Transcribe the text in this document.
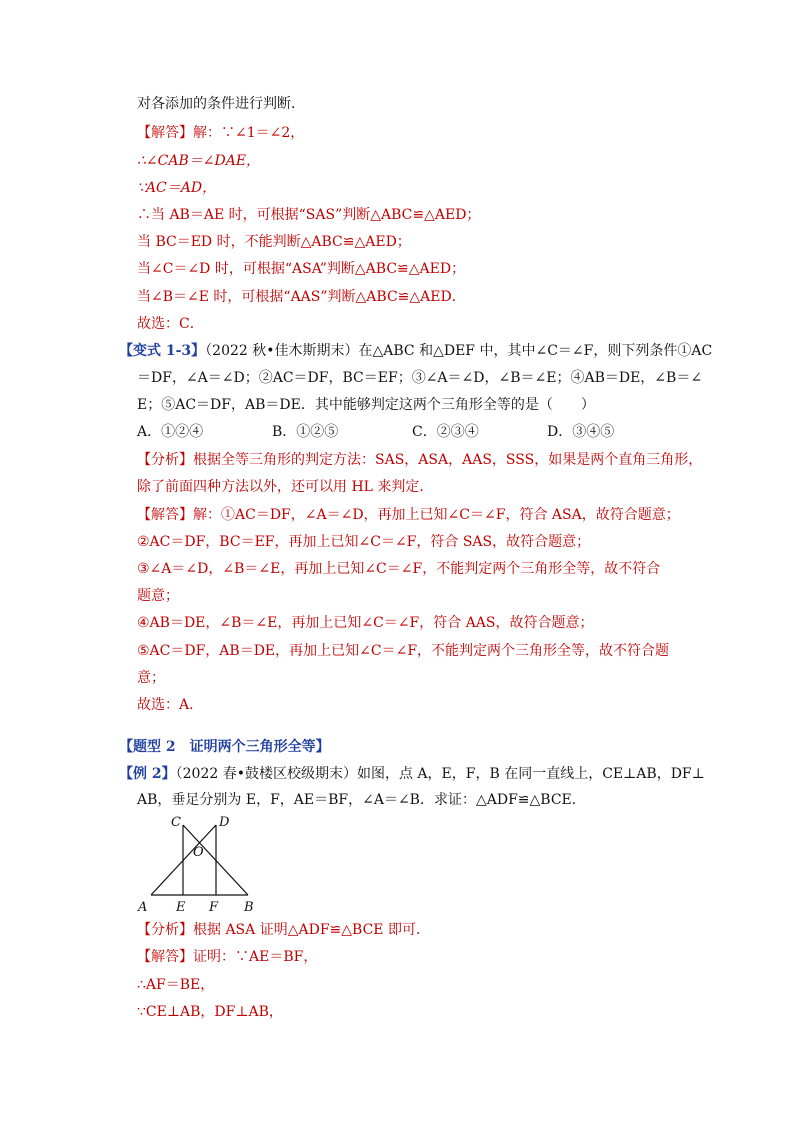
对各添加的条件进行判断．
【解答】解：∵∠1＝∠2，
∴∠CAB＝∠DAE，
∵AC＝AD，
∴当 AB＝AE 时，可根据“SAS”判断△ABC≌△AED；
当 BC＝ED 时，不能判断△ABC≌△AED；
当∠C＝∠D 时，可根据“ASA”判断△ABC≌△AED；
当∠B＝∠E 时，可根据“AAS”判断△ABC≌△AED．
故选：C．
【变式 1-3】（2022 秋•佳木斯期末）在△ABC 和△DEF 中，其中∠C＝∠F，则下列条件①AC
＝DF，∠A＝∠D；②AC＝DF，BC＝EF；③∠A＝∠D，∠B＝∠E；④AB＝DE，∠B＝∠
E；⑤AC＝DF，AB＝DE．其中能够判定这两个三角形全等的是（　　）
A．①②④	B．①②⑤	C．②③④	D．③④⑤
【分析】根据全等三角形的判定方法：SAS，ASA，AAS，SSS，如果是两个直角三角形，
除了前面四种方法以外，还可以用 HL 来判定．
【解答】解：①AC＝DF，∠A＝∠D，再加上已知∠C＝∠F，符合 ASA，故符合题意；
②AC＝DF，BC＝EF，再加上已知∠C＝∠F，符合 SAS，故符合题意；
③∠A＝∠D，∠B＝∠E，再加上已知∠C＝∠F，不能判定两个三角形全等，故不符合
题意；
④AB＝DE，∠B＝∠E，再加上已知∠C＝∠F，符合 AAS，故符合题意；
⑤AC＝DF，AB＝DE，再加上已知∠C＝∠F，不能判定两个三角形全等，故不符合题
意；
故选：A．
【题型 2　证明两个三角形全等】
【例 2】（2022 春•鼓楼区校级期末）如图，点 A，E，F，B 在同一直线上，CE⊥AB，DF⊥
AB，垂足分别为 E，F，AE＝BF，∠A＝∠B．求证：△ADF≌△BCE．
C	D
O
A E F B
【分析】根据 ASA 证明△ADF≌△BCE 即可．
【解答】证明：∵AE＝BF，
∴AF＝BE，
∵CE⊥AB，DF⊥AB，
